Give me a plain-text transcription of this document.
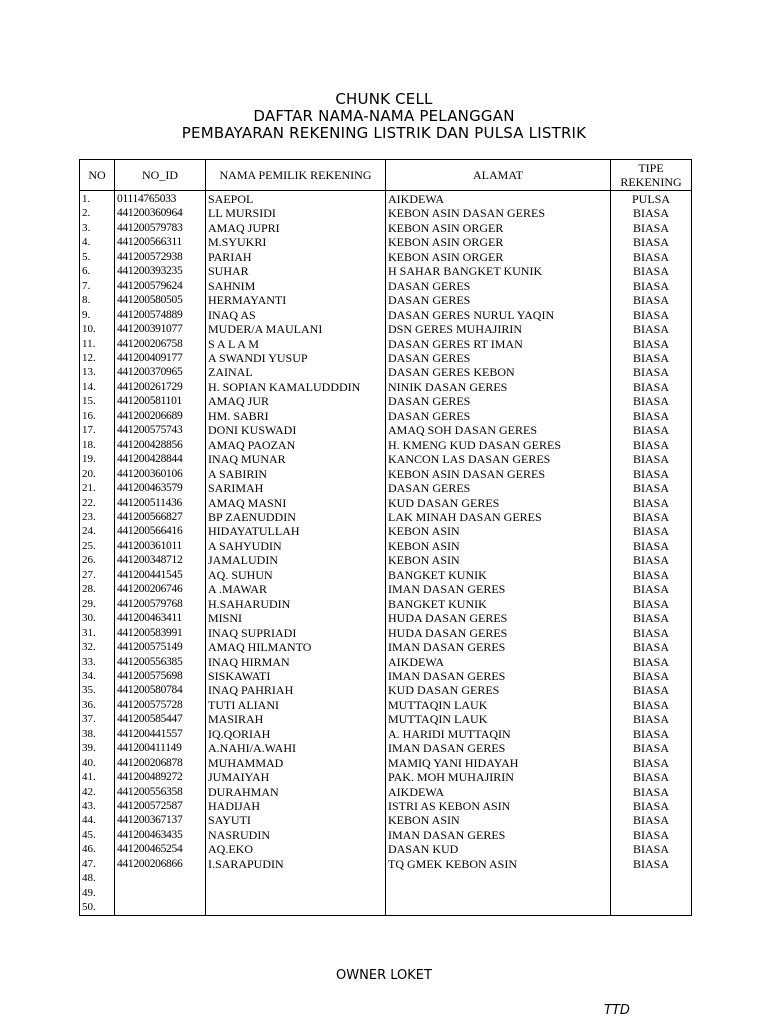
CHUNK CELL
DAFTAR NAMA-NAMA PELANGGAN
PEMBAYARAN REKENING LISTRIK DAN PULSA LISTRIK
NO	NO_ID	NAMA PEMILIK REKENING	ALAMAT	TIPE
REKENING

1.	01114765033	SAEPOL	AIKDEWA	PULSA
2.	441200360964	LL MURSIDI	KEBON ASIN DASAN GERES	BIASA
3.	441200579783	AMAQ JUPRI	KEBON ASIN ORGER	BIASA
4.	441200566311	M.SYUKRI	KEBON ASIN ORGER	BIASA
5.	441200572938	PARIAH	KEBON ASIN ORGER	BIASA
6.	441200393235	SUHAR	H SAHAR BANGKET KUNIK	BIASA
7.	441200579624	SAHNIM	DASAN GERES	BIASA
8.	441200580505	HERMAYANTI	DASAN GERES	BIASA
9.	441200574889	INAQ AS	DASAN GERES NURUL YAQIN	BIASA
10.	441200391077	MUDER/A MAULANI	DSN GERES MUHAJIRIN	BIASA
11.	441200206758	S A L A M	DASAN GERES RT IMAN	BIASA
12.	441200409177	A SWANDI YUSUP	DASAN GERES	BIASA
13.	441200370965	ZAINAL	DASAN GERES KEBON	BIASA
14.	441200261729	H. SOPIAN KAMALUDDDIN	NINIK DASAN GERES	BIASA
15.	441200581101	AMAQ JUR	DASAN GERES	BIASA
16.	441200206689	HM. SABRI	DASAN GERES	BIASA
17.	441200575743	DONI KUSWADI	AMAQ SOH DASAN GERES	BIASA
18.	441200428856	AMAQ PAOZAN	H. KMENG KUD DASAN GERES	BIASA
19.	441200428844	INAQ MUNAR	KANCON LAS DASAN GERES	BIASA
20.	441200360106	A SABIRIN	KEBON ASIN DASAN GERES	BIASA
21.	441200463579	SARIMAH	DASAN GERES	BIASA
22.	441200511436	AMAQ MASNI	KUD DASAN GERES	BIASA
23.	441200566827	BP ZAENUDDIN	LAK MINAH DASAN GERES	BIASA
24.	441200566416	HIDAYATULLAH	KEBON ASIN	BIASA
25.	441200361011	A SAHYUDIN	KEBON ASIN	BIASA
26.	441200348712	JAMALUDIN	KEBON ASIN	BIASA
27.	441200441545	AQ. SUHUN	BANGKET KUNIK	BIASA
28.	441200206746	A .MAWAR	IMAN DASAN GERES	BIASA
29.	441200579768	H.SAHARUDIN	BANGKET KUNIK	BIASA
30.	441200463411	MISNI	HUDA DASAN GERES	BIASA
31.	441200583991	INAQ SUPRIADI	HUDA DASAN GERES	BIASA
32.	441200575149	AMAQ HILMANTO	IMAN DASAN GERES	BIASA
33.	441200556385	INAQ HIRMAN	AIKDEWA	BIASA
34.	441200575698	SISKAWATI	IMAN DASAN GERES	BIASA
35.	441200580784	INAQ PAHRIAH	KUD DASAN GERES	BIASA
36.	441200575728	TUTI ALIANI	MUTTAQIN LAUK	BIASA
37.	441200585447	MASIRAH	MUTTAQIN LAUK	BIASA
38.	441200441557	IQ.QORIAH	A. HARIDI MUTTAQIN	BIASA
39.	441200411149	A.NAHI/A.WAHI	IMAN DASAN GERES	BIASA
40.	441200206878	MUHAMMAD	MAMIQ YANI HIDAYAH	BIASA
41.	441200489272	JUMAIYAH	PAK. MOH MUHAJIRIN	BIASA
42.	441200556358	DURAHMAN	AIKDEWA	BIASA
43.	441200572587	HADIJAH	ISTRI AS KEBON ASIN	BIASA
44.	441200367137	SAYUTI	KEBON ASIN	BIASA
45.	441200463435	NASRUDIN	IMAN DASAN GERES	BIASA
46.	441200465254	AQ.EKO	DASAN KUD	BIASA
47.	441200206866	I.SARAPUDIN	TQ GMEK KEBON ASIN	BIASA
48.				
49.				
50.				
OWNER LOKET
TTD
